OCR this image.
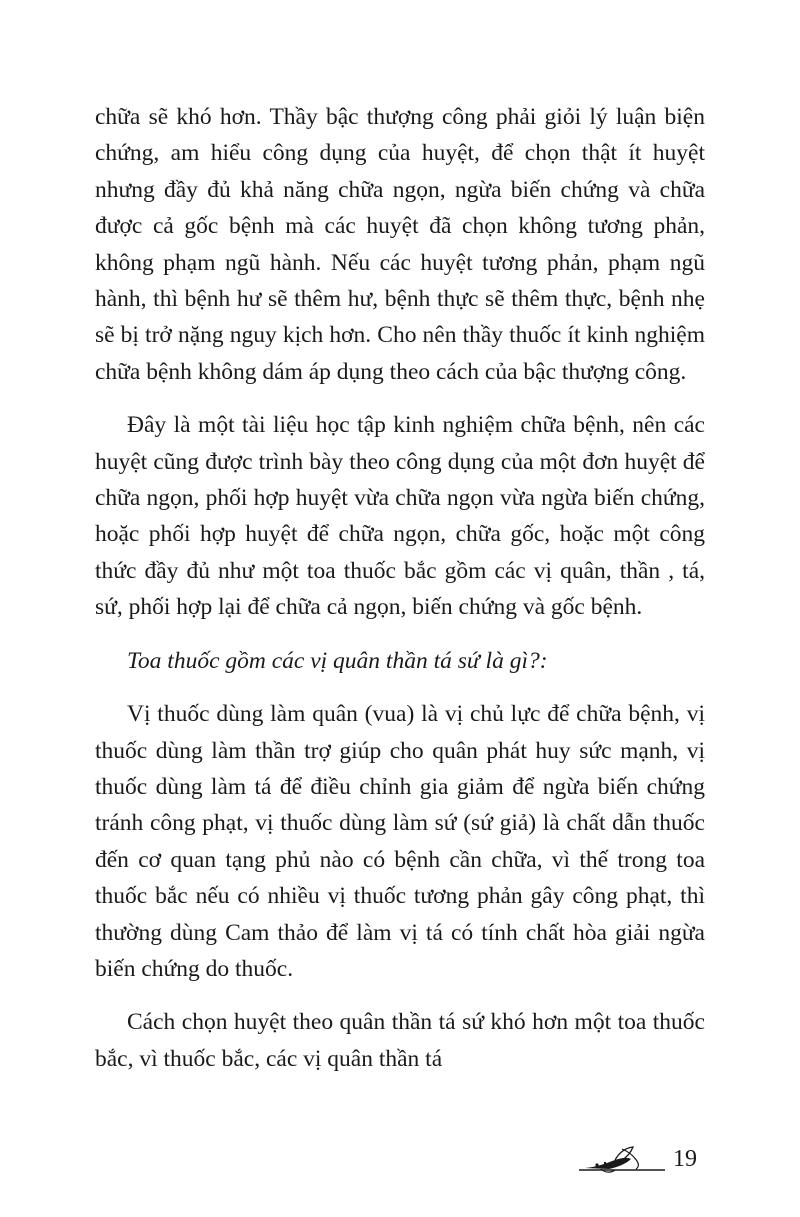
chữa sẽ khó hơn. Thầy bậc thượng công phải giỏi lý luận biện chứng, am hiểu công dụng của huyệt, để chọn thật ít huyệt nhưng đầy đủ khả năng chữa ngọn, ngừa biến chứng và chữa được cả gốc bệnh mà các huyệt đã chọn không tương phản, không phạm ngũ hành. Nếu các huyệt tương phản, phạm ngũ hành, thì bệnh hư sẽ thêm hư, bệnh thực sẽ thêm thực, bệnh nhẹ sẽ bị trở nặng nguy kịch hơn. Cho nên thầy thuốc ít kinh nghiệm chữa bệnh không dám áp dụng theo cách của bậc thượng công.

Đây là một tài liệu học tập kinh nghiệm chữa bệnh, nên các huyệt cũng được trình bày theo công dụng của một đơn huyệt để chữa ngọn, phối hợp huyệt vừa chữa ngọn vừa ngừa biến chứng, hoặc phối hợp huyệt để chữa ngọn, chữa gốc, hoặc một công thức đầy đủ như một toa thuốc bắc gồm các vị quân, thần , tá, sứ, phối hợp lại để chữa cả ngọn, biến chứng và gốc bệnh.

Toa thuốc gồm các vị quân thần tá sứ là gì?:

Vị thuốc dùng làm quân (vua) là vị chủ lực để chữa bệnh, vị thuốc dùng làm thần trợ giúp cho quân phát huy sức mạnh, vị thuốc dùng làm tá để điều chỉnh gia giảm để ngừa biến chứng tránh công phạt, vị thuốc dùng làm sứ (sứ giả) là chất dẫn thuốc đến cơ quan tạng phủ nào có bệnh cần chữa, vì thế trong toa thuốc bắc nếu có nhiều vị thuốc tương phản gây công phạt, thì thường dùng Cam thảo để làm vị tá có tính chất hòa giải ngừa biến chứng do thuốc.

Cách chọn huyệt theo quân thần tá sứ khó hơn một toa thuốc bắc, vì thuốc bắc, các vị quân thần tá

19
